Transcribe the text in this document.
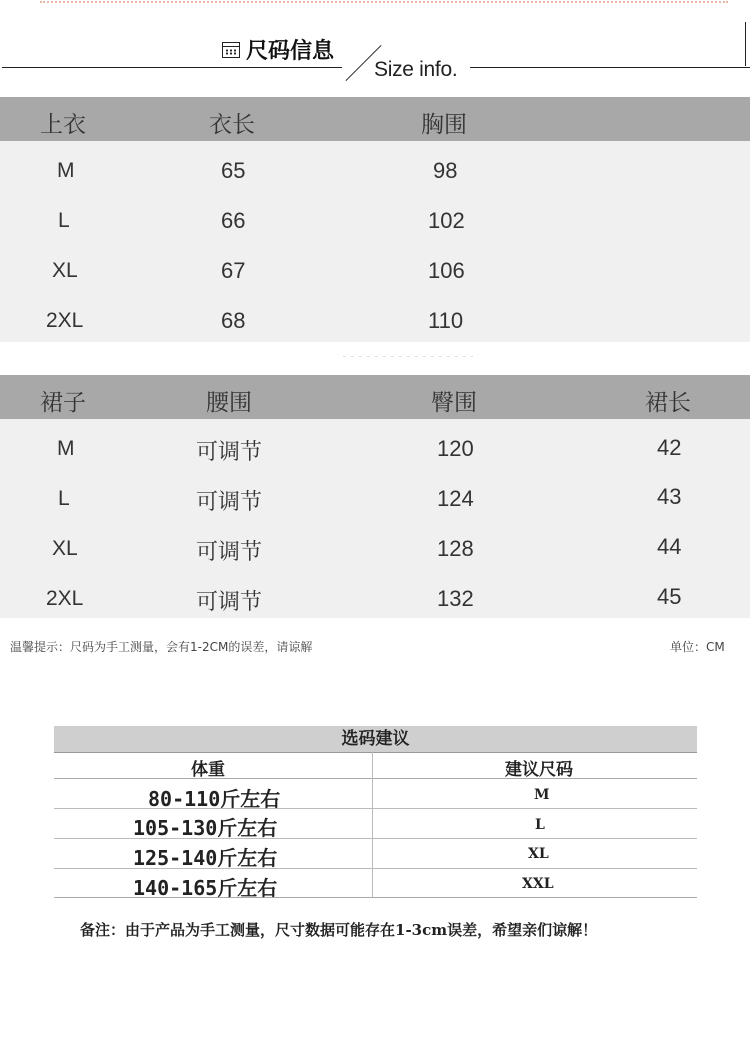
尺码信息
Size info.
上衣	衣长	胸围
M	65	98
L	66	102
XL	67	106
2XL	68	110
裙子	腰围	臀围	裙长
M	可调节	120	42
L	可调节	124	43
XL	可调节	128	44
2XL	可调节	132	45
温馨提示：尺码为手工测量，会有1-2CM的误差，请谅解	单位：CM
选码建议
体重	建议尺码
80-110斤左右	M
105-130斤左右	L
125-140斤左右	XL
140-165斤左右	XXL
备注：由于产品为手工测量，尺寸数据可能存在1-3cm误差，希望亲们谅解！
